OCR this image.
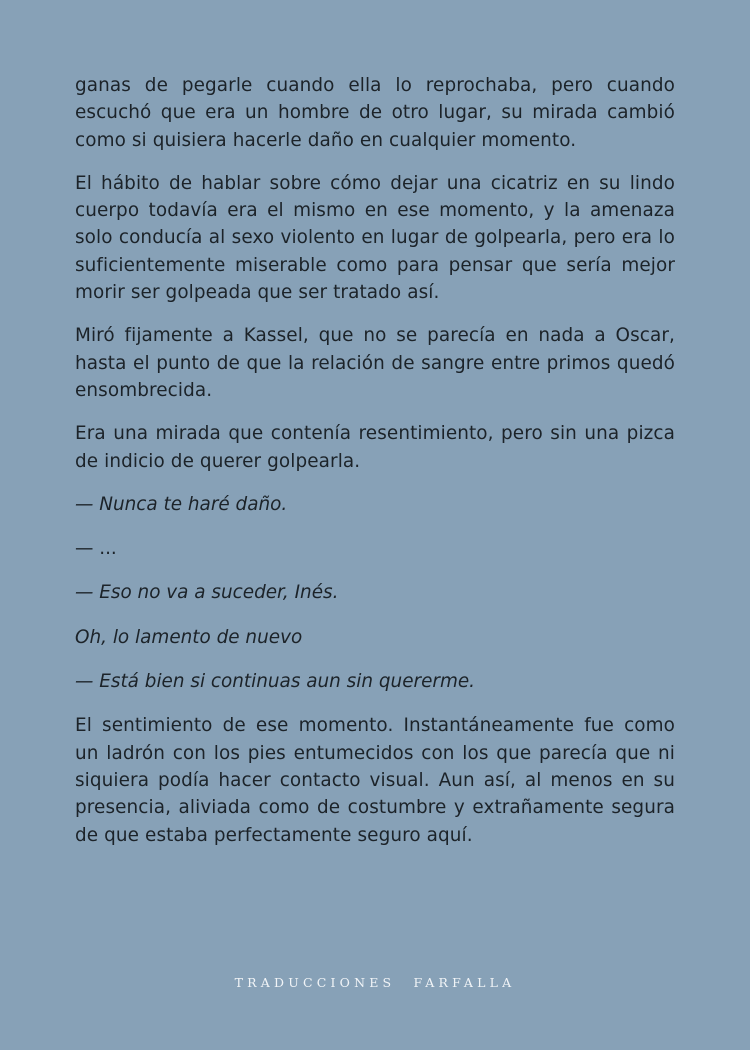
ganas de pegarle cuando ella lo reprochaba, pero cuando escuchó que era un hombre de otro lugar, su mirada cambió como si quisiera hacerle daño en cualquier momento.

El hábito de hablar sobre cómo dejar una cicatriz en su lindo cuerpo todavía era el mismo en ese momento, y la amenaza solo conducía al sexo violento en lugar de golpearla, pero era lo suficientemente miserable como para pensar que sería mejor morir ser golpeada que ser tratado así.

Miró fijamente a Kassel, que no se parecía en nada a Oscar, hasta el punto de que la relación de sangre entre primos quedó ensombrecida.

Era una mirada que contenía resentimiento, pero sin una pizca de indicio de querer golpearla.

— Nunca te haré daño.

— ...

— Eso no va a suceder, Inés.

Oh, lo lamento de nuevo

— Está bien si continuas aun sin quererme.

El sentimiento de ese momento. Instantáneamente fue como un ladrón con los pies entumecidos con los que parecía que ni siquiera podía hacer contacto visual. Aun así, al menos en su presencia, aliviada como de costumbre y extrañamente segura de que estaba perfectamente seguro aquí.

TRADUCCIONES FARFALLA
